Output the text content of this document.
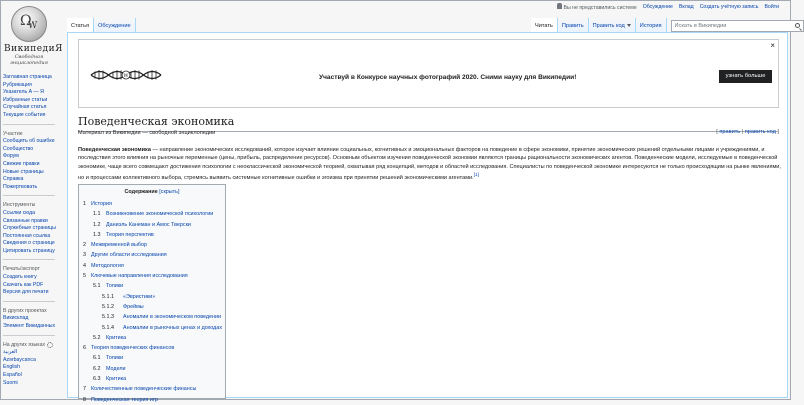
Ω W
ВикипедиЯ
Свободная энциклопедия
Заглавная страница
Рубрикация
Указатель А — Я
Избранные статьи
Случайная статья
Текущие события
Участие
Сообщить об ошибке
Сообщество
Форум
Свежие правки
Новые страницы
Справка
Пожертвовать
Инструменты
Ссылки сюда
Связанные правки
Служебные страницы
Постоянная ссылка
Сведения о странице
Цитировать страницу
Печать/экспорт
Создать книгу
Скачать как PDF
Версия для печати
В других проектах
Викисклад
Элемент Викиданных
На других языках
العربية
Azərbaycanca
English
Español
Suomi
Вы не представились системе Обсуждение Вклад Создать учётную запись Войти
Статья	Обсуждение	Читать	Править	Править код	История	Искать в Википедии
×
W	Участвуй в Конкурсе научных фотографий 2020. Сними науку для Википедии!	узнать больше
Поведенческая экономика
Материал из Википедии — свободной энциклопедии	[ править | править код ]
Поведенческая экономика — направление экономических исследований, которое изучает влияние социальных, когнитивных и эмоциональных факторов на поведение в сфере экономики, принятие экономических решений отдельными лицами и учреждениями, и последствия этого влияния на рыночные переменные (цены, прибыль, распределение ресурсов). Основным объектом изучения поведенческой экономии являются границы рациональности экономических агентов. Поведенческие модели, исследуемые в поведенческой экономике, чаще всего совмещают достижения психологии с неоклассической экономической теорией, охватывая ряд концепций, методов и областей исследования. Специалисты по поведенческой экономике интересуются не только происходящим на рынке явлениями, но и процессами коллективного выбора, стремясь выявить системные когнитивные ошибки и эгоизма при принятии решений экономическими агентами.[1]
Содержание [скрыть]
1 История
1.1 Возникновение экономической психологии
1.2 Даниэль Канеман и Амос Тверски
1.3 Теория перспектив
2 Межвременной выбор
3 Другие области исследования
4 Методология
5 Ключевые направления исследования
5.1 Топики
5.1.1 «Эвристики»
5.1.2 Фреймы
5.1.3 Аномалии в экономическом поведении
5.1.4 Аномалии в рыночных ценах и доходах
5.2 Критика
6 Теория поведенческих финансов
6.1 Топики
6.2 Модели
6.3 Критика
7 Количественные поведенческие финансы
8 Поведенческая теория игр
